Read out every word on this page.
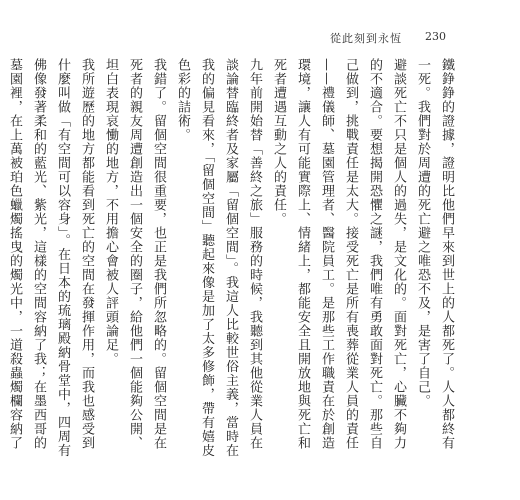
從此刻到永恆 230

鐵錚錚的證據，證明比他們早來到世上的人都死了。人人都終有一死。我們對於周遭的死亡避之唯恐不及，是害了自己。

避談死亡不只是個人的過失，是文化的。面對死亡，心臟不夠力的不適合。要想揭開恐懼之謎，我們唯有勇敢面對死亡。那些自己做到，挑戰責任是太大。接受死亡是所有喪葬從業人員的責任——禮儀師、墓園管理者、醫院員工。是那些工作職責在於創造環境，讓人有可能實際上、情緒上，都能安全且開放地與死亡和死者遭遇互動之人的責任。

九年前開始替「善終之旅」服務的時候，我聽到其他從業人員在談論替臨終者及家屬「留個空間」。我這人比較世俗主義，當時在我的偏見看來，「留個空間」聽起來像是加了太多修飾，帶有嬉皮色彩的詰術。

我錯了。留個空間很重要，也正是我們所忽略的。留個空間是在死者的親友周遭創造出一個安全的圈子，給他們一個能夠公開、坦白表現哀慟的地方，不用擔心會被人評頭論足。

我所遊歷的地方都能看到死亡的空間在發揮作用，而我也感受到什麼叫做「有空間可以容身」。在日本的琉璃殿納骨堂中，四周有佛像發著柔和的藍光、紫光，這樣的空間容納了我；在墨西哥的墓園裡，在上萬被珀色蠟燭搖曳的燭光中，一道殺蟲燭欄容納了
